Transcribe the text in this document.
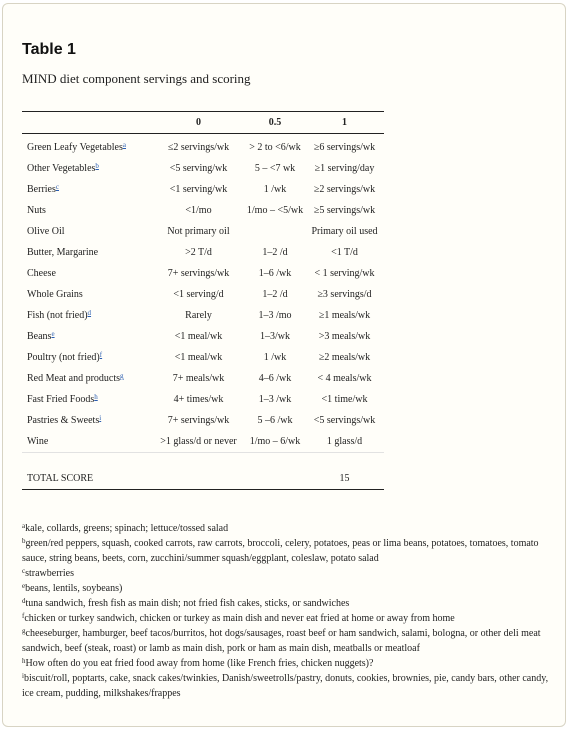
Table 1
MIND diet component servings and scoring
	0	0.5	1
Green Leafy Vegetables$^a$	≤2 servings/wk	> 2 to <6/wk	≥6 servings/wk
Other Vegetables$^b$	<5 serving/wk	5 – <7 wk	≥1 serving/day
Berries$^c$	<1 serving/wk	1 /wk	≥2 servings/wk
Nuts	<1/mo	1/mo – <5/wk	≥5 servings/wk
Olive Oil	Not primary oil		Primary oil used
Butter, Margarine	>2 T/d	1–2 /d	<1 T/d
Cheese	7+ servings/wk	1–6 /wk	< 1 serving/wk
Whole Grains	<1 serving/d	1–2 /d	≥3 servings/d
Fish (not fried)$^d$	Rarely	1–3 /mo	≥1 meals/wk
Beans$^e$	<1 meal/wk	1–3/wk	>3 meals/wk
Poultry (not fried)$^f$	<1 meal/wk	1 /wk	≥2 meals/wk
Red Meat and products$^g$	7+ meals/wk	4–6 /wk	< 4 meals/wk
Fast Fried Foods$^h$	4+ times/wk	1–3 /wk	<1 time/wk
Pastries & Sweets$^i$	7+ servings/wk	5 –6 /wk	<5 servings/wk
Wine	>1 glass/d or never	1/mo – 6/wk	1 glass/d

TOTAL SCORE			15

$^a$kale, collards, greens; spinach; lettuce/tossed salad

$^b$green/red peppers, squash, cooked carrots, raw carrots, broccoli, celery, potatoes, peas or lima beans, potatoes, tomatoes, tomato sauce, string beans, beets, corn, zucchini/summer squash/eggplant, coleslaw, potato salad

$^c$strawberries

$^e$beans, lentils, soybeans)

$^d$tuna sandwich, fresh fish as main dish; not fried fish cakes, sticks, or sandwiches

$^f$chicken or turkey sandwich, chicken or turkey as main dish and never eat fried at home or away from home

$^g$cheeseburger, hamburger, beef tacos/burritos, hot dogs/sausages, roast beef or ham sandwich, salami, bologna, or other deli meat sandwich, beef (steak, roast) or lamb as main dish, pork or ham as main dish, meatballs or meatloaf

$^h$How often do you eat fried food away from home (like French fries, chicken nuggets)?

$^i$biscuit/roll, poptarts, cake, snack cakes/twinkies, Danish/sweetrolls/pastry, donuts, cookies, brownies, pie, candy bars, other candy, ice cream, pudding, milkshakes/frappes
